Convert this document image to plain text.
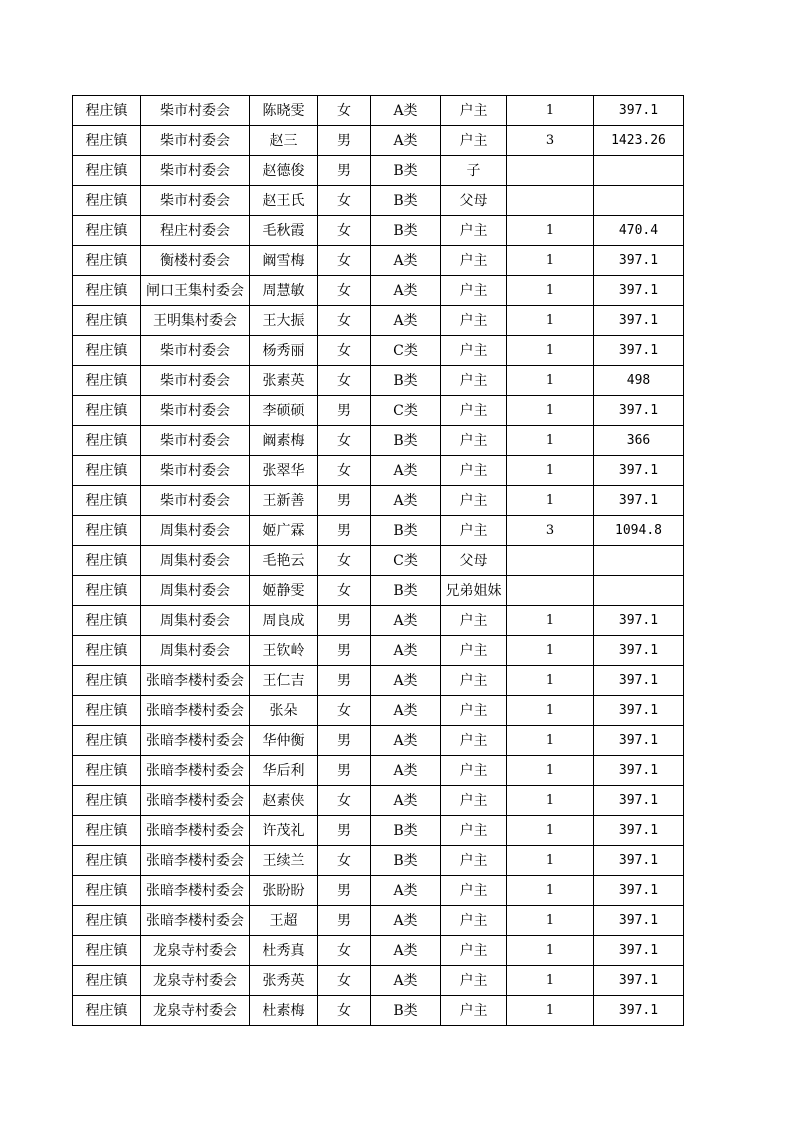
程庄镇	柴市村委会	陈晓雯	女	A类	户主	1	397.1
程庄镇	柴市村委会	赵三	男	A类	户主	3	1423.26
程庄镇	柴市村委会	赵德俊	男	B类	子		
程庄镇	柴市村委会	赵王氏	女	B类	父母		
程庄镇	程庄村委会	毛秋霞	女	B类	户主	1	470.4
程庄镇	衡楼村委会	阚雪梅	女	A类	户主	1	397.1
程庄镇	闸口王集村委会	周慧敏	女	A类	户主	1	397.1
程庄镇	王明集村委会	王大振	女	A类	户主	1	397.1
程庄镇	柴市村委会	杨秀丽	女	C类	户主	1	397.1
程庄镇	柴市村委会	张素英	女	B类	户主	1	498
程庄镇	柴市村委会	李硕硕	男	C类	户主	1	397.1
程庄镇	柴市村委会	阚素梅	女	B类	户主	1	366
程庄镇	柴市村委会	张翠华	女	A类	户主	1	397.1
程庄镇	柴市村委会	王新善	男	A类	户主	1	397.1
程庄镇	周集村委会	姬广霖	男	B类	户主	3	1094.8
程庄镇	周集村委会	毛艳云	女	C类	父母		
程庄镇	周集村委会	姬静雯	女	B类	兄弟姐妹		
程庄镇	周集村委会	周良成	男	A类	户主	1	397.1
程庄镇	周集村委会	王钦岭	男	A类	户主	1	397.1
程庄镇	张暗李楼村委会	王仁吉	男	A类	户主	1	397.1
程庄镇	张暗李楼村委会	张朵	女	A类	户主	1	397.1
程庄镇	张暗李楼村委会	华仲衡	男	A类	户主	1	397.1
程庄镇	张暗李楼村委会	华后利	男	A类	户主	1	397.1
程庄镇	张暗李楼村委会	赵素侠	女	A类	户主	1	397.1
程庄镇	张暗李楼村委会	许茂礼	男	B类	户主	1	397.1
程庄镇	张暗李楼村委会	王续兰	女	B类	户主	1	397.1
程庄镇	张暗李楼村委会	张盼盼	男	A类	户主	1	397.1
程庄镇	张暗李楼村委会	王超	男	A类	户主	1	397.1
程庄镇	龙泉寺村委会	杜秀真	女	A类	户主	1	397.1
程庄镇	龙泉寺村委会	张秀英	女	A类	户主	1	397.1
程庄镇	龙泉寺村委会	杜素梅	女	B类	户主	1	397.1
